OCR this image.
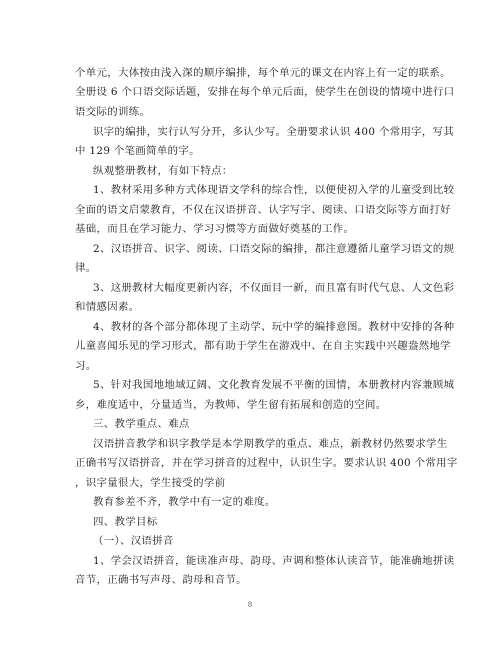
个单元，大体按由浅入深的顺序编排，每个单元的课文在内容上有一定的联系。
全册设 6 个口语交际话题，安排在每个单元后面，使学生在创设的情境中进行口
语交际的训练。
识字的编排，实行认写分开，多认少写。全册要求认识 400 个常用字，写其
中 129 个笔画简单的字。
纵观整册教材，有如下特点：
1、教材采用多种方式体现语文学科的综合性，以便使初入学的儿童受到比较
全面的语文启蒙教育，不仅在汉语拼音、认字写字、阅读、口语交际等方面打好
基础，而且在学习能力、学习习惯等方面做好奠基的工作。
2、汉语拼音、识字、阅读、口语交际的编排，都注意遵循儿童学习语文的规
律。
3、这册教材大幅度更新内容，不仅面目一新，而且富有时代气息、人文色彩
和情感因素。
4、教材的各个部分都体现了主动学、玩中学的编排意图。教材中安排的各种
儿童喜闻乐见的学习形式，都有助于学生在游戏中、在自主实践中兴趣盎然地学
习。
5、针对我国地地域辽阔、文化教育发展不平衡的国情，本册教材内容兼顾城
乡，难度适中，分量适当，为教师、学生留有拓展和创造的空间。
三、教学重点、难点
汉语拼音教学和识字教学是本学期教学的重点、难点，新教材仍然要求学生
正确书写汉语拼音，并在学习拼音的过程中，认识生字。要求认识 400 个常用字
，识字量很大，学生接受的学前
教育参差不齐，教学中有一定的难度。
四、教学目标
（一）、汉语拼音
1、学会汉语拼音，能读准声母、韵母、声调和整体认读音节，能准确地拼读
音节，正确书写声母、韵母和音节。
8
